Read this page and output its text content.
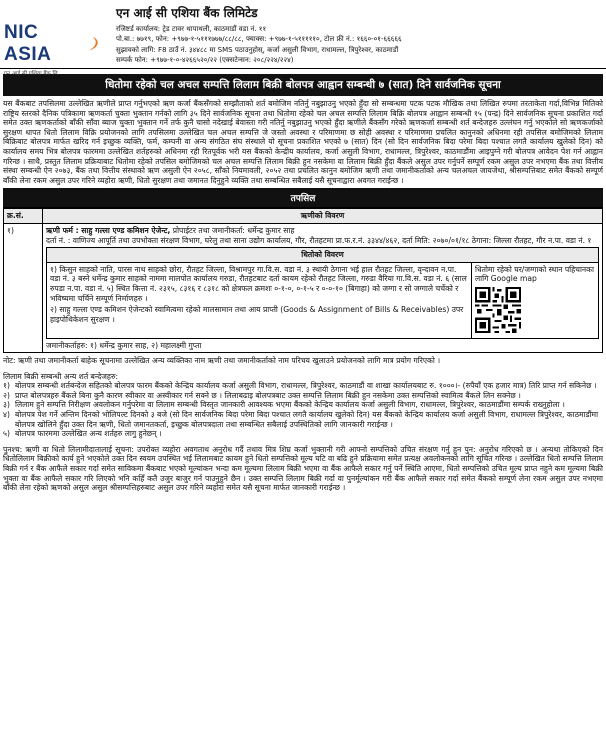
NIC ASIA
एन आई सी एशिया बैंक लि.
एन आई सी एशिया बैंक लिमिटेड
रजिष्टर्ड कार्यालय: ट्रेड टावर थापाथली, काठमाडौं वडा नं. ११
पो.बा.: ७७१९, फोन: +९७७-१-५१११७७७/८८/८८, फ्याक्स: +९७७-१-५१११११०, टोल फ्री नं.: १६६०-०१-६६६६६
सुझावको लागि: F8 ठाउँ नं. ३४४८८ मा SMS पठाउनुहोस्, कर्जा असुली विभाग, राधामल्ल, त्रिपुरेश्वर, काठमाडौं
सम्पर्क फोन: +९७७-१-०-४२६६५२०/२२ (एक्सटेन्सन: २०८/२२४/२२४)
धितोमा रहेको चल अचल सम्पत्ति लिलाम बिक्री बोलपत्र आह्वान सम्बन्धी ७ (सात) दिने सार्वजनिक सूचना
यस बैंकबाट तपसिलमा उल्लेखित ऋणीले प्राप्त गर्नुभएको ऋण कर्जा बैंकसँगको सम्झौताको शर्त बमोजिम नतिर्नु नबुझाउनु भएको हुँदा सो सम्बन्धमा पटक पटक मौखिक तथा लिखित रुपमा तरताकेता गर्दा,विभिन्न मितिको राष्ट्रिय स्तरको दैनिक पत्रिकामा ऋणकर्ता चुक्ता भुक्तान गर्नको लागि ३५ दिने सार्वजनिक सूचना तथा धितोमा रहेको चल अचल सम्पत्ति लिलाम बिक्रि बोलपत्र आह्वान सम्बन्धी १५ (पन्द्र) दिने सार्वजनिक सूचना प्रकाशित गर्दा समेत उक्त ऋणकर्ताको बाँकी साँवा ब्याज चुक्ता भुक्तान गर्ने तर्फ कुनै चासो नदेखाई बेवास्ता गरी नतिर्नु नबुझाउनु भएको हुँदा ऋणीले बैंकसँग गरेको ऋणकर्जा सम्बन्धी शर्त बन्देजहरु उल्लंघन गर्नु भएकोले सो ऋणकर्जाको सुरक्षण धापत धितो लिलाम विक्रि प्रयोजनको लागि तपसिलमा उल्लेखित चल अचल सम्पत्ति जे जस्तो अवस्था र परिमाणमा छ सोही अवस्था र परिमाणमा प्रचलित कानुनको अधिनमा रही तपसिल बमोजिमको लिलाम बिक्रिबाट बोलपत्र मार्फत खरिद गर्न इच्छुक व्यक्ति, फर्म, कम्पनी वा अन्य संगठित संघ संस्थाले यो सूचना प्रकाशित भएको ७ (सात) दिन (सो दिन सार्वजनिक बिदा परेमा बिदा पश्चात लगतै कार्यालय खुलेको दिन) को कार्यालय समय भित्र बोलपत्र फारममा उल्लेखित शर्तहरुको अधिनमा रही रितपूर्वक भरी यस बैंकको केन्द्रीय कार्यालय, कर्जा असुली विभाग, राधामल्ल, त्रिपुरेश्वर, काठमाडौंमा आइपुग्ने गरी बोलपत्र आवेदन पेश गर्न आह्वान गरिन्छ । साथै, प्रस्तुत लिलाम प्रक्रियाबाट धितोमा रहेको तपसिल बमोजिमको चल अचल सम्पत्ति लिलाम बिक्री हुन नसकेमा वा लिलाम बिक्री हुँदा बैंकले असुल उपर गर्नुपर्ने सम्पूर्ण रकम असुल उपर नभएमा बैंक तथा वित्तीय संस्था सम्बन्धी ऐन २०७३, बैंक तथा वित्तीय संस्थाको ऋण असुली ऐन २०५८, साँको नियमावली, २०५२ तथा प्रचलित कानुन बमोजिम ऋणी तथा जमानीकर्ताको अन्य चलअचल जायजेथा, श्रीसम्पत्तिबाट समेत बैंकको सम्पूर्ण बाँकी लेना रकम असुल उपर गरिने व्यहोरा ऋणी, धितो सुरक्षण तथा जमानत दिनुहुने व्यक्ति तथा सम्बन्धित सबैलाई यसै सूचनाद्वारा अवगत गराईन्छ ।
तपसिल
क्र.सं.	ऋणीको विवरण
१)	ऋणी फर्म : साहु गल्ला एण्ड कमिशन ऐजेन्ट, प्रोपाईटर तथा जमानीकर्ता: धर्मेन्द्र कुमार साह
दर्ता नं. : वाणिज्य आपूर्ति तथा उपभोक्ता संरक्षण विभाग, घरेलु तथा साना उद्योग कार्यालय, गौर, रौतहटमा प्रा.फ.र.नं. ३३४४/४६२, दर्ता मिति: २०७०/०१/१८ ठेगाना: जिल्ला रौतहट, गौर न.पा. वडा नं. १
धितोको विवरण

१) किसुन साहको नाति, पारस नाथ साहको छोरा, रौतहट जिल्ला, विश्रामपुर गा.वि.स. वडा नं. ३ स्थायी ठेगाना भई हाल रौतहट जिल्ला, वृन्दावन न.पा. वडा नं. ३ बस्ने धर्मेन्द्र कुमार साहको नाममा मालपोत कार्यालय गरुडा, रौतहटबाट दर्ता कायम रहेको रौतहट जिल्ला, गरुडा वैरिया गा.वि.स. वडा नं. ६ (साल रुपडा न.पा. वडा नं. ५) स्थित कित्ता नं. २३१५, ८३१६ र ८३१८ को क्षेत्रफल क्रमशः ०-१-०, ०-१-५ र ०-०-१० (बिगाहा) को जग्गा र सो जग्गाले चर्चेको र भविष्यमा चर्चिने सम्पूर्ण निर्माणहरु ।
२) साहु गल्ला एण्ड कमिशन ऐजेन्टको स्वामित्वमा रहेको मालसामान तथा आय प्राप्ती (Goods & Assignment of Bills & Receivables) उपर हाइपोथिकेशन सुरक्षण ।

धितोमा रहेको घर/जग्गाको स्थान पहिचानका लागि Google map
जमानीकर्ताहरु: १) धर्मेन्द्र कुमार साह, २) महालक्ष्मी गुप्ता
नोट: ऋणी तथा जमानीकर्ता बाहेक सूचनामा उल्लेखित अन्य व्यक्तिका नाम ऋणी तथा जमानीकर्ताको नाम परिचय खुलाउने प्रयोजनको लागि मात्र प्रयोग गरिएको ।
लिलाम बिक्री सम्बन्धी अन्य शर्त बन्देजहरु:
१) बोलपत्र सम्बन्धी शर्तबन्देज सहितको बोलपत्र फारम बैंकको केन्द्रिय कार्यालय कर्जा असुली विभाग, राधामल्ल, त्रिपुरेश्वर, काठमाडौं वा शाखा कार्यालयबाट रु. १०००।- (रुपैयाँ एक हजार मात्र) तिरि प्राप्त गर्न सकिनेछ ।
२) प्राप्त बोलपत्रहरु बैंकले बिना कुनै कारण स्वीकार वा अस्वीकार गर्न सक्ने छ । लिलाबढाइ बोलपत्रबाट उक्त सम्पत्ति लिलाम बिक्री हुन नसकेमा उक्त सम्पत्तिको स्वामित्व बैंकले लिन सक्नेछ ।
३) लिलाम हुने सम्पत्ति निरीक्षण अवलोकन गर्नुपरेमा वा लिलाम सम्बन्धी विस्तृत जानकारी आवश्यक भएमा बैंकको केन्द्रिय कार्यालय कर्जा असुली विभाग, राधामल्ल, त्रिपुरेश्वर, काठमाडौंमा सम्पर्क राख्नुहोला ।
४) बोलपत्र पेश गर्ने अन्तिम दिनको भोलिपल्ट दिनको ३ बजे (सो दिन सार्वजनिक बिदा परेमा बिदा पश्चात लगतै कार्यालय खुलेको दिन) यस बैंकको केन्द्रिय कार्यालय कर्जा असुली विभाग, राधामल्ल त्रिपुरेश्वर, काठमाडौंमा बोलपत्र खोलिने हुँदा उक्त दिन ऋणी, धितो जमानतकर्ता, इच्छुक बोलपत्रदाता तथा सम्बन्धित सबैलाई उपस्थितिको लागि जानकारी गराईन्छ ।
५) बोलपत्र फारममा उल्लेखित अन्य शर्तहरु लागु हुनेछन् ।
पुनश्च: ऋणी वा धितो लिलामीदातालाई सूचना: उपरोक्त व्यहोरा अवगताथ अनुरोध गर्दै तथाव मित्र शिघ्र कर्जा भुक्तानी गरी आफ्नो सम्पत्तिको उचित संरक्षण गर्नु हुन पुन: अनुरोध गरिएको छ । अन्यथा तोकिएको दिन धितोलिलाम बिक्रीको कार्य हुने भएकोले उक्त दिन स्वयम उपस्थित भई लिलामबाट कायम हुने धितो सम्पत्तिको मूल्य घटि वा बढि हुने प्रक्रियामा समेत प्रत्यक्ष अवलोकनको लागि सूचित गरिन्छ । उल्लेखित धितो सम्पत्ति लिलाम बिक्री गर्न र बैंक आफैले सकार गर्दा समेत साविकमा बैंकबाट भएको मूल्यांकन भन्दा कम मूल्यमा लिलाम बिक्री भएमा वा बैंक आफैले सकार गर्नु पर्ने स्थिति आएमा, धितो सम्पत्तिको उचित मूल्य प्राप्त नहुने कम मूल्यमा बिक्री भुक्ता वा बैंक आफैले सकार गरि लिएको भनि कहिँ कतै उजुर बाजुर गर्न पाउनुहुने छैन । उक्त सम्पत्ति लिलाम बिक्री गर्दा वा पुनर्मूल्यांकन गरी बैंक आफैले सकार गर्दा समेत बैंकको सम्पूर्ण लेना रकम असुल उपर नभएमा बाँकी लेना रहेको ऋणको असुल असुल श्रीसम्पत्तिहरुबाट असुल उपर गरिने व्यहोरा समेत यसै सूचना मार्फत जानकारी गराईन्छ ।
